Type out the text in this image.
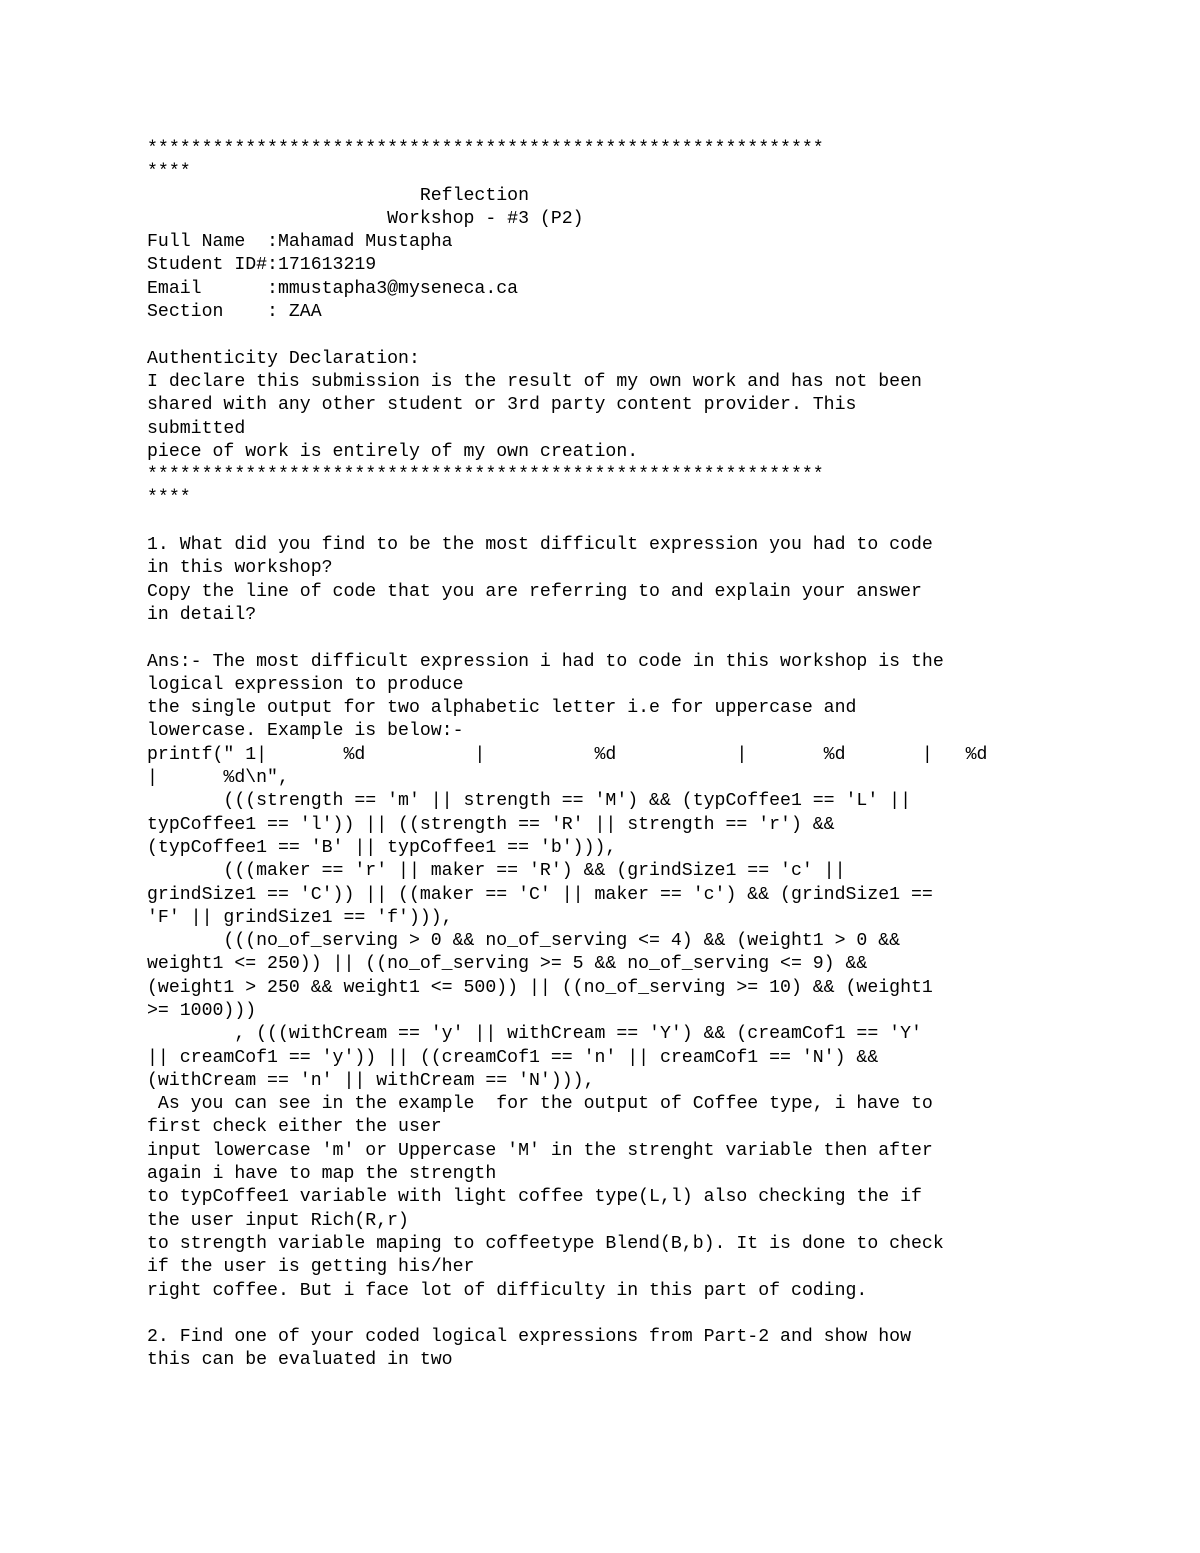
**************************************************************
****
Reflection
Workshop - #3 (P2)
Full Name  :Mahamad Mustapha
Student ID#:171613219
Email      :mmustapha3@myseneca.ca
Section    : ZAA
Authenticity Declaration:
I declare this submission is the result of my own work and has not been
shared with any other student or 3rd party content provider. This
submitted
piece of work is entirely of my own creation.
**************************************************************
****
1. What did you find to be the most difficult expression you had to code
in this workshop?
Copy the line of code that you are referring to and explain your answer
in detail?
Ans:- The most difficult expression i had to code in this workshop is the
logical expression to produce
the single output for two alphabetic letter i.e for uppercase and
lowercase. Example is below:-
printf(" 1|       %d          |          %d           |       %d       |   %d
|      %d\n",
(((strength == 'm' || strength == 'M') && (typCoffee1 == 'L' ||
typCoffee1 == 'l')) || ((strength == 'R' || strength == 'r') &&
(typCoffee1 == 'B' || typCoffee1 == 'b'))),
(((maker == 'r' || maker == 'R') && (grindSize1 == 'c' ||
grindSize1 == 'C')) || ((maker == 'C' || maker == 'c') && (grindSize1 ==
'F' || grindSize1 == 'f'))),
(((no_of_serving > 0 && no_of_serving <= 4) && (weight1 > 0 &&
weight1 <= 250)) || ((no_of_serving >= 5 && no_of_serving <= 9) &&
(weight1 > 250 && weight1 <= 500)) || ((no_of_serving >= 10) && (weight1
>= 1000)))
, (((withCream == 'y' || withCream == 'Y') && (creamCof1 == 'Y'
|| creamCof1 == 'y')) || ((creamCof1 == 'n' || creamCof1 == 'N') &&
(withCream == 'n' || withCream == 'N'))),
As you can see in the example  for the output of Coffee type, i have to
first check either the user
input lowercase 'm' or Uppercase 'M' in the strenght variable then after
again i have to map the strength
to typCoffee1 variable with light coffee type(L,l) also checking the if
the user input Rich(R,r)
to strength variable maping to coffeetype Blend(B,b). It is done to check
if the user is getting his/her
right coffee. But i face lot of difficulty in this part of coding.
2. Find one of your coded logical expressions from Part-2 and show how
this can be evaluated in two
